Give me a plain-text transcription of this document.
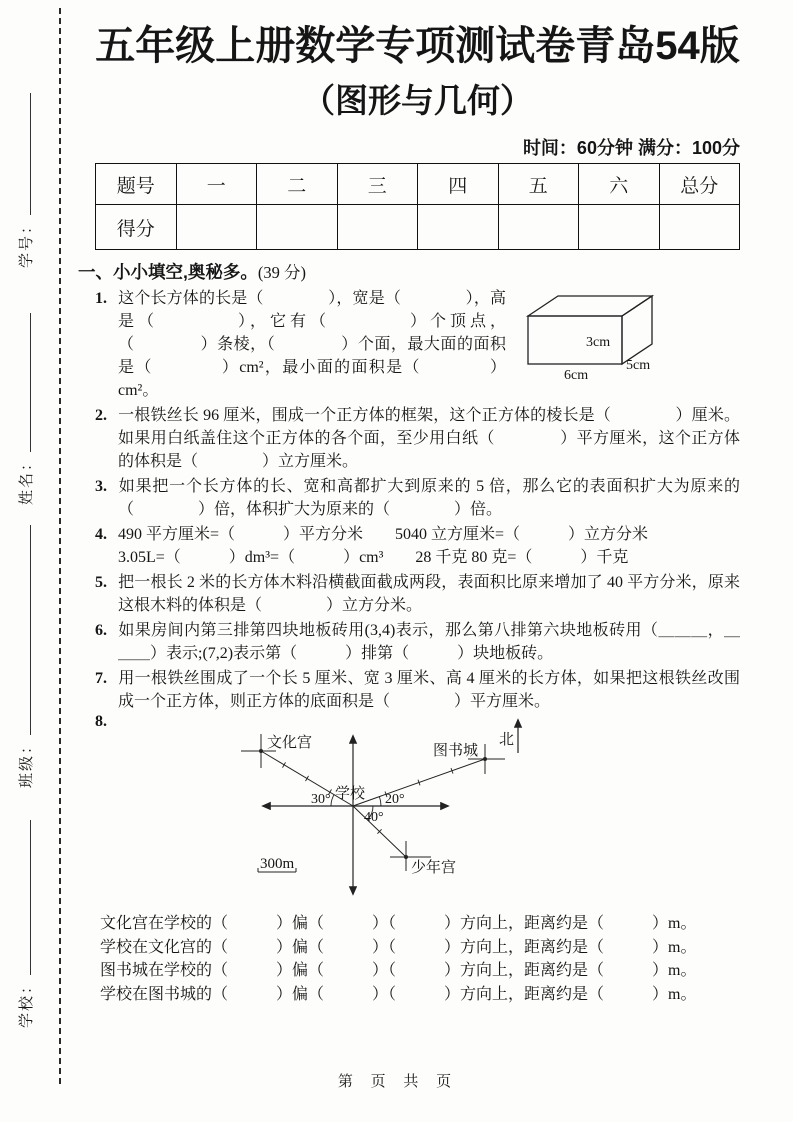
学号：
姓名：
班级：
学校：
五年级上册数学专项测试卷青岛54版
（图形与几何）
时间：60分钟 满分：100分
题号	一	二	三	四	五	六	总分
得分							
一、小小填空,奥秘多。(39 分)
3cm
5cm
6cm
1. 这个长方体的长是（　　　　），宽是（　　　　），高是（　　　　），它有（　　　　）个顶点，（　　　　）条棱，（　　　　）个面，最大面的面积是（　　　　）cm²，最小面的面积是（　　　　）cm²。
2. 一根铁丝长 96 厘米，围成一个正方体的框架，这个正方体的棱长是（　　　　）厘米。如果用白纸盖住这个正方体的各个面，至少用白纸（　　　　）平方厘米，这个正方体的体积是（　　　　）立方厘米。
3. 如果把一个长方体的长、宽和高都扩大到原来的 5 倍，那么它的表面积扩大为原来的（　　　　）倍，体积扩大为原来的（　　　　）倍。
4. 490 平方厘米=（　　　）平方分米　　5040 立方厘米=（　　　）立方分米
3.05L=（　　　）dm³=（　　　）cm³　　28 千克 80 克=（　　　）千克
5. 把一根长 2 米的长方体木料沿横截面截成两段，表面积比原来增加了 40 平方分米，原来这根木料的体积是（　　　　）立方分米。
6. 如果房间内第三排第四块地板砖用(3,4)表示，那么第八排第六块地板砖用（＿＿＿，＿＿＿）表示;(7,2)表示第（　　　）排第（　　　）块地板砖。
7. 用一根铁丝围成了一个长 5 厘米、宽 3 厘米、高 4 厘米的长方体，如果把这根铁丝改围成一个正方体，则正方体的底面积是（　　　　）平方厘米。
8.
北
300m
文化宫	图书城
少年宫
学校
30°	20°
40°
文化宫在学校的（　　　）偏（　　　）（　　　）方向上，距离约是（　　　）m。
学校在文化宫的（　　　）偏（　　　）（　　　）方向上，距离约是（　　　）m。
图书城在学校的（　　　）偏（　　　）（　　　）方向上，距离约是（　　　）m。
学校在图书城的（　　　）偏（　　　）（　　　）方向上，距离约是（　　　）m。
第 页 共 页
